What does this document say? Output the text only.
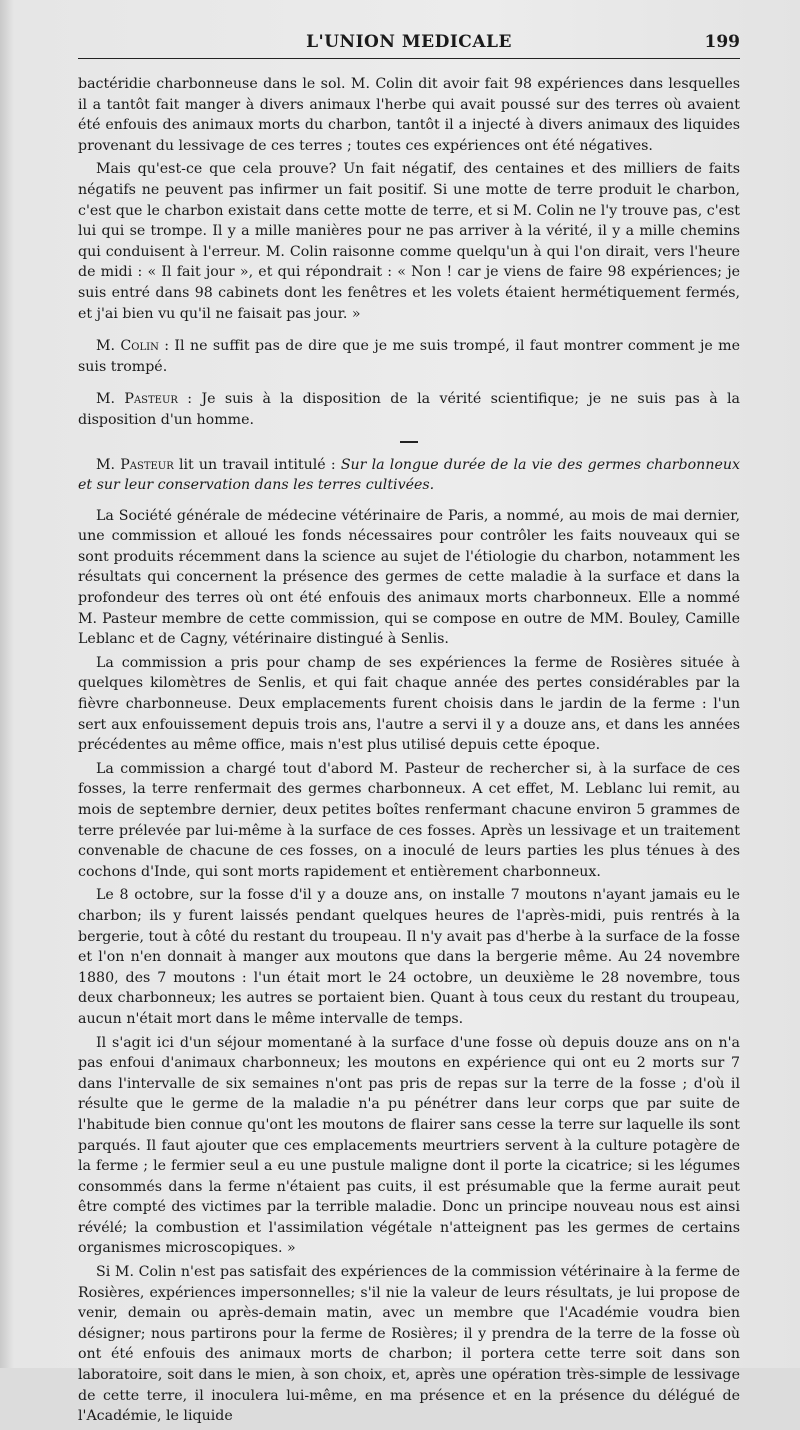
L'UNION MEDICALE	199

bactéridie charbonneuse dans le sol. M. Colin dit avoir fait 98 expériences dans lesquelles il a tantôt fait manger à divers animaux l'herbe qui avait poussé sur des terres où avaient été enfouis des animaux morts du charbon, tantôt il a injecté à divers animaux des liquides provenant du lessivage de ces terres ; toutes ces expériences ont été négatives.

Mais qu'est-ce que cela prouve? Un fait négatif, des centaines et des milliers de faits négatifs ne peuvent pas infirmer un fait positif. Si une motte de terre produit le charbon, c'est que le charbon existait dans cette motte de terre, et si M. Colin ne l'y trouve pas, c'est lui qui se trompe. Il y a mille manières pour ne pas arriver à la vérité, il y a mille chemins qui conduisent à l'erreur. M. Colin raisonne comme quelqu'un à qui l'on dirait, vers l'heure de midi : « Il fait jour », et qui répondrait : « Non ! car je viens de faire 98 expériences; je suis entré dans 98 cabinets dont les fenêtres et les volets étaient hermétiquement fermés, et j'ai bien vu qu'il ne faisait pas jour. »

M. Colin : Il ne suffit pas de dire que je me suis trompé, il faut montrer comment je me suis trompé.

M. Pasteur : Je suis à la disposition de la vérité scientifique; je ne suis pas à la disposition d'un homme.

M. Pasteur lit un travail intitulé : Sur la longue durée de la vie des germes charbonneux et sur leur conservation dans les terres cultivées.

La Société générale de médecine vétérinaire de Paris, a nommé, au mois de mai dernier, une commission et alloué les fonds nécessaires pour contrôler les faits nouveaux qui se sont produits récemment dans la science au sujet de l'étiologie du charbon, notamment les résultats qui concernent la présence des germes de cette maladie à la surface et dans la profondeur des terres où ont été enfouis des animaux morts charbonneux. Elle a nommé M. Pasteur membre de cette commission, qui se compose en outre de MM. Bouley, Camille Leblanc et de Cagny, vétérinaire distingué à Senlis.

La commission a pris pour champ de ses expériences la ferme de Rosières située à quelques kilomètres de Senlis, et qui fait chaque année des pertes considérables par la fièvre charbonneuse. Deux emplacements furent choisis dans le jardin de la ferme : l'un sert aux enfouissement depuis trois ans, l'autre a servi il y a douze ans, et dans les années précédentes au même office, mais n'est plus utilisé depuis cette époque.

La commission a chargé tout d'abord M. Pasteur de rechercher si, à la surface de ces fosses, la terre renfermait des germes charbonneux. A cet effet, M. Leblanc lui remit, au mois de septembre dernier, deux petites boîtes renfermant chacune environ 5 grammes de terre prélevée par lui-même à la surface de ces fosses. Après un lessivage et un traitement convenable de chacune de ces fosses, on a inoculé de leurs parties les plus ténues à des cochons d'Inde, qui sont morts rapidement et entièrement charbonneux.

Le 8 octobre, sur la fosse d'il y a douze ans, on installe 7 moutons n'ayant jamais eu le charbon; ils y furent laissés pendant quelques heures de l'après-midi, puis rentrés à la bergerie, tout à côté du restant du troupeau. Il n'y avait pas d'herbe à la surface de la fosse et l'on n'en donnait à manger aux moutons que dans la bergerie même. Au 24 novembre 1880, des 7 moutons : l'un était mort le 24 octobre, un deuxième le 28 novembre, tous deux charbonneux; les autres se portaient bien. Quant à tous ceux du restant du troupeau, aucun n'était mort dans le même intervalle de temps.

Il s'agit ici d'un séjour momentané à la surface d'une fosse où depuis douze ans on n'a pas enfoui d'animaux charbonneux; les moutons en expérience qui ont eu 2 morts sur 7 dans l'intervalle de six semaines n'ont pas pris de repas sur la terre de la fosse ; d'où il résulte que le germe de la maladie n'a pu pénétrer dans leur corps que par suite de l'habitude bien connue qu'ont les moutons de flairer sans cesse la terre sur laquelle ils sont parqués. Il faut ajouter que ces emplacements meurtriers servent à la culture potagère de la ferme ; le fermier seul a eu une pustule maligne dont il porte la cicatrice; si les légumes consommés dans la ferme n'étaient pas cuits, il est présumable que la ferme aurait peut être compté des victimes par la terrible maladie. Donc un principe nouveau nous est ainsi révélé; la combustion et l'assimilation végétale n'atteignent pas les germes de certains organismes microscopiques. »

Si M. Colin n'est pas satisfait des expériences de la commission vétérinaire à la ferme de Rosières, expériences impersonnelles; s'il nie la valeur de leurs résultats, je lui propose de venir, demain ou après-demain matin, avec un membre que l'Académie voudra bien désigner; nous partirons pour la ferme de Rosières; il y prendra de la terre de la fosse où ont été enfouis des animaux morts de charbon; il portera cette terre soit dans son laboratoire, soit dans le mien, à son choix, et, après une opération très-simple de lessivage de cette terre, il inoculera lui-même, en ma présence et en la présence du délégué de l'Académie, le liquide
